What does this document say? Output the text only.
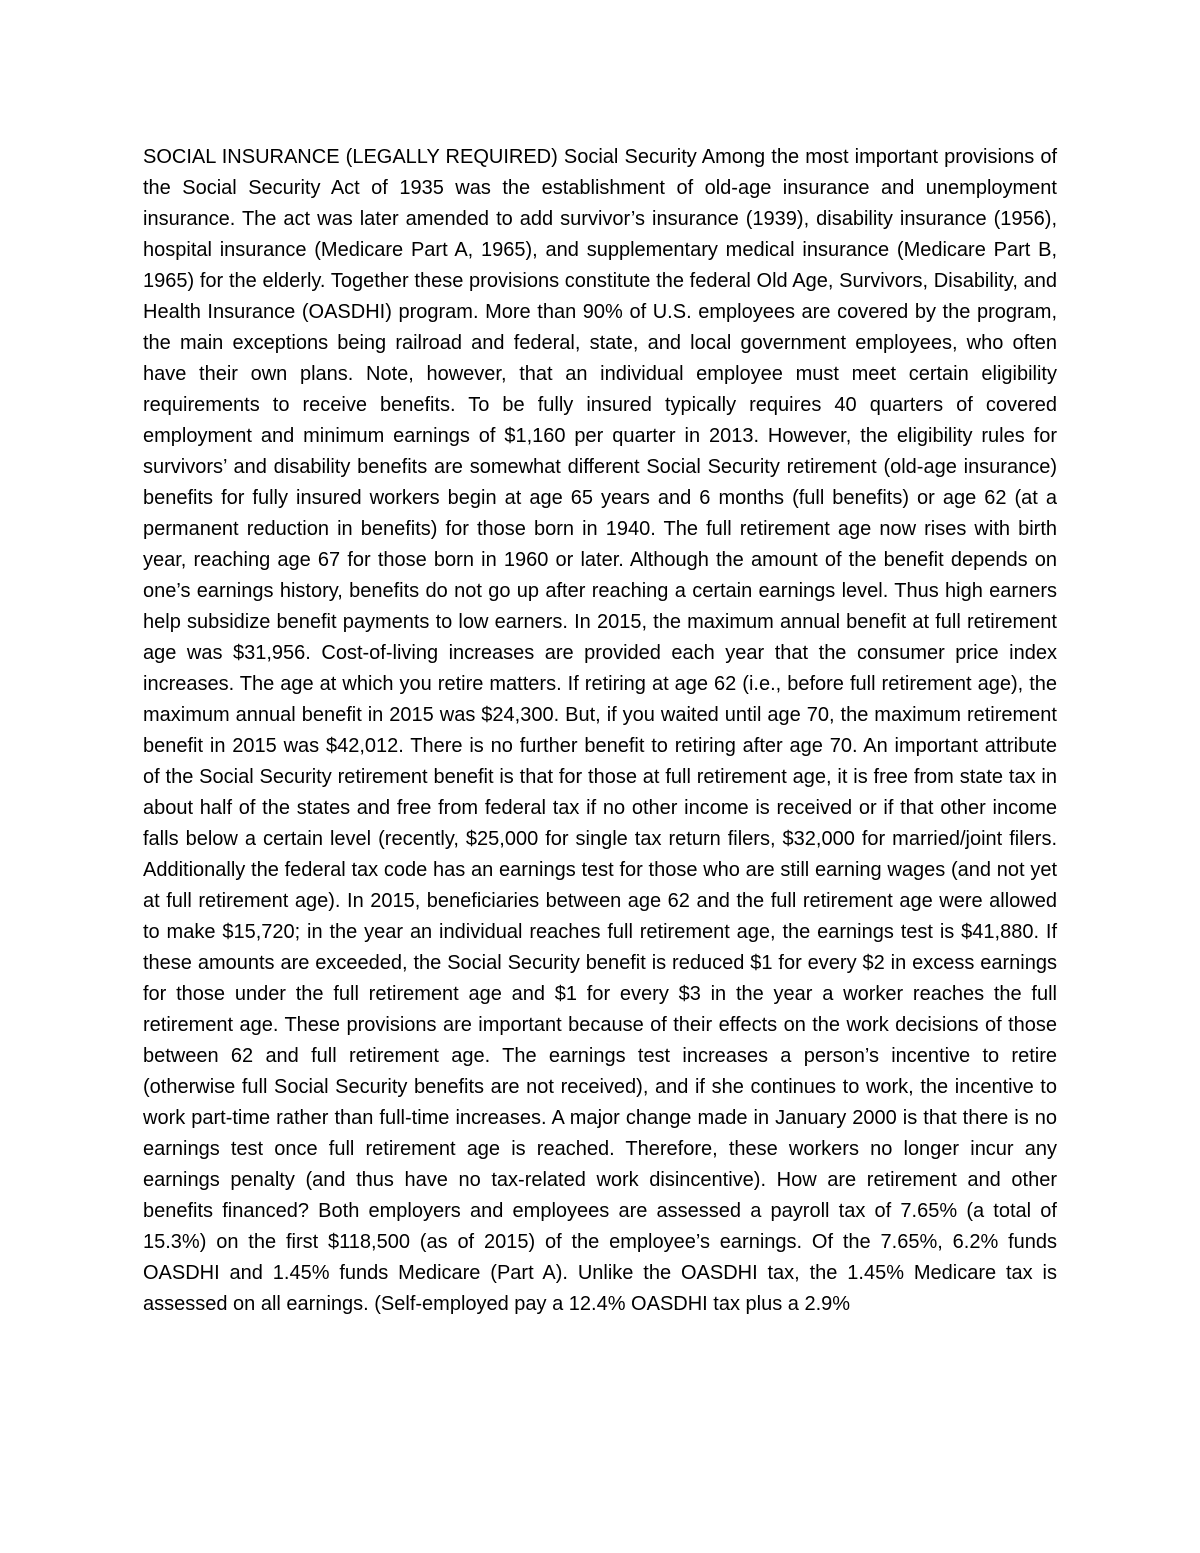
SOCIAL INSURANCE (LEGALLY REQUIRED) Social Security Among the most important provisions of the Social Security Act of 1935 was the establishment of old-age insurance and unemployment insurance. The act was later amended to add survivor’s insurance (1939), disability insurance (1956), hospital insurance (Medicare Part A, 1965), and supplementary medical insurance (Medicare Part B, 1965) for the elderly. Together these provisions constitute the federal Old Age, Survivors, Disability, and Health Insurance (OASDHI) program. More than 90% of U.S. employees are covered by the program, the main exceptions being railroad and federal, state, and local government employees, who often have their own plans. Note, however, that an individual employee must meet certain eligibility requirements to receive benefits. To be fully insured typically requires 40 quarters of covered employment and minimum earnings of $1,160 per quarter in 2013. However, the eligibility rules for survivors’ and disability benefits are somewhat different Social Security retirement (old-age insurance) benefits for fully insured workers begin at age 65 years and 6 months (full benefits) or age 62 (at a permanent reduction in benefits) for those born in 1940. The full retirement age now rises with birth year, reaching age 67 for those born in 1960 or later. Although the amount of the benefit depends on one’s earnings history, benefits do not go up after reaching a certain earnings level. Thus high earners help subsidize benefit payments to low earners. In 2015, the maximum annual benefit at full retirement age was $31,956. Cost-of-living increases are provided each year that the consumer price index increases. The age at which you retire matters. If retiring at age 62 (i.e., before full retirement age), the maximum annual benefit in 2015 was $24,300. But, if you waited until age 70, the maximum retirement benefit in 2015 was $42,012. There is no further benefit to retiring after age 70. An important attribute of the Social Security retirement benefit is that for those at full retirement age, it is free from state tax in about half of the states and free from federal tax if no other income is received or if that other income falls below a certain level (recently, $25,000 for single tax return filers, $32,000 for married/joint filers. Additionally the federal tax code has an earnings test for those who are still earning wages (and not yet at full retirement age). In 2015, beneficiaries between age 62 and the full retirement age were allowed to make $15,720; in the year an individual reaches full retirement age, the earnings test is $41,880. If these amounts are exceeded, the Social Security benefit is reduced $1 for every $2 in excess earnings for those under the full retirement age and $1 for every $3 in the year a worker reaches the full retirement age. These provisions are important because of their effects on the work decisions of those between 62 and full retirement age. The earnings test increases a person’s incentive to retire (otherwise full Social Security benefits are not received), and if she continues to work, the incentive to work part-time rather than full-time increases. A major change made in January 2000 is that there is no earnings test once full retirement age is reached. Therefore, these workers no longer incur any earnings penalty (and thus have no tax-related work disincentive). How are retirement and other benefits financed? Both employers and employees are assessed a payroll tax of 7.65% (a total of 15.3%) on the first $118,500 (as of 2015) of the employee’s earnings. Of the 7.65%, 6.2% funds OASDHI and 1.45% funds Medicare (Part A). Unlike the OASDHI tax, the 1.45% Medicare tax is assessed on all earnings. (Self-employed pay a 12.4% OASDHI tax plus a 2.9%
